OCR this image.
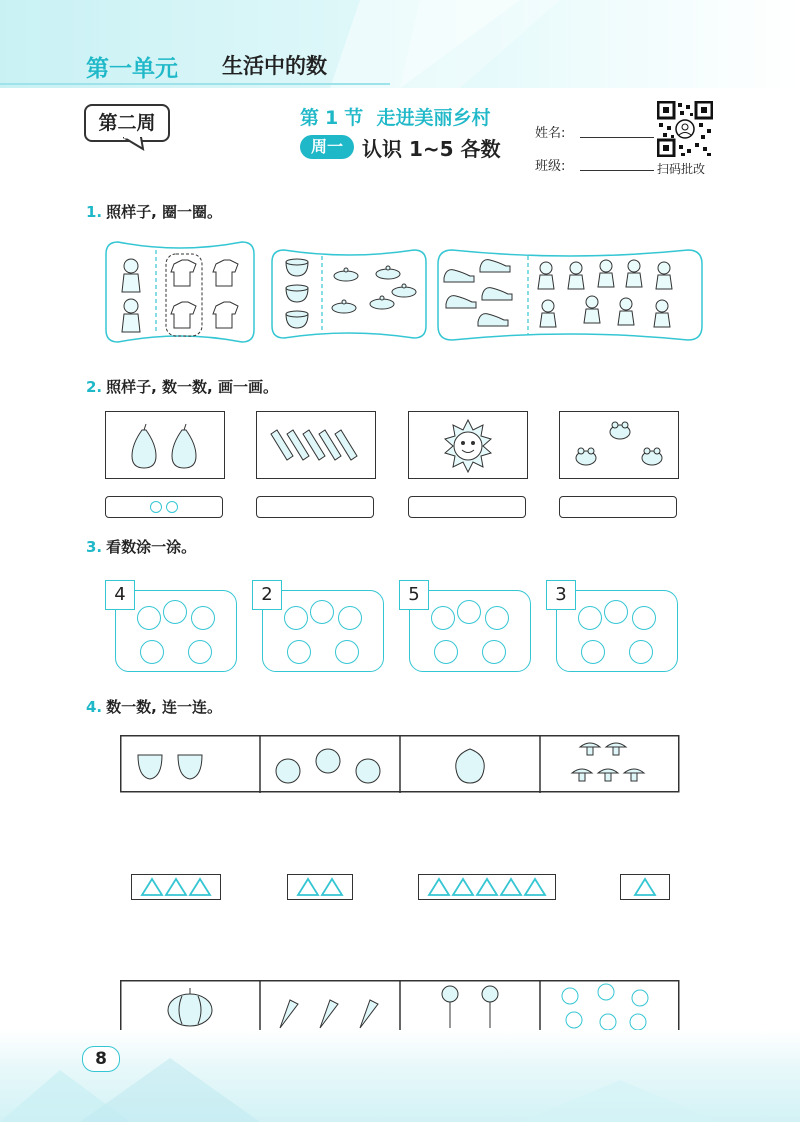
第一单元 生活中的数
第二周	第 1 节 走进美丽乡村
周一 认识 1~5 各数
姓名:
班级:	扫码批改
1. 照样子, 圈一圈。
2. 照样子, 数一数, 画一画。
3. 看数涂一涂。
4	2	5	3
4. 数一数, 连一连。
8
